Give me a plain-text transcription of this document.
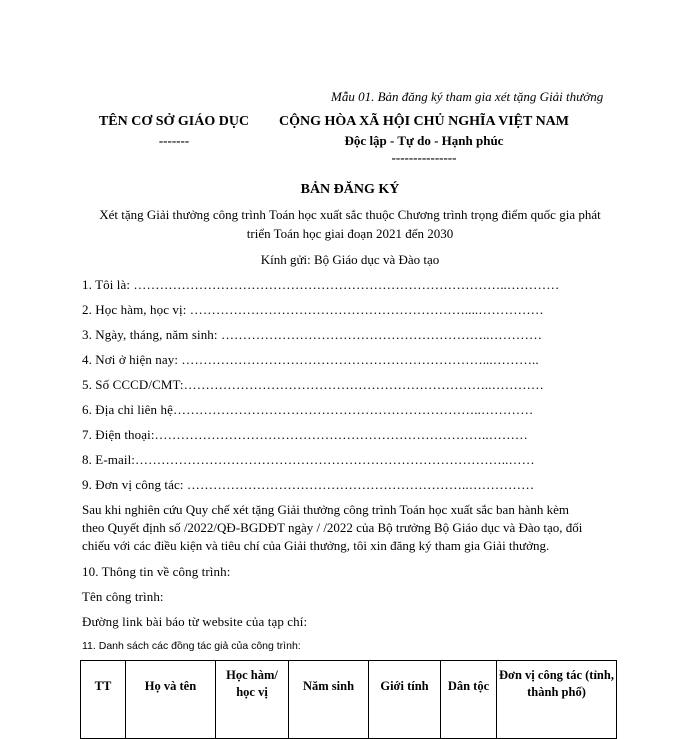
Mẫu 01. Bản đăng ký tham gia xét tặng Giải thưởng
TÊN CƠ SỞ GIÁO DỤC
-------
CỘNG HÒA XÃ HỘI CHỦ NGHĨA VIỆT NAM
Độc lập - Tự do - Hạnh phúc
---------------
BẢN ĐĂNG KÝ
Xét tặng Giải thưởng công trình Toán học xuất sắc thuộc Chương trình trọng điểm quốc gia phát
triển Toán học giai đoạn 2021 đến 2030
Kính gửi: Bộ Giáo dục và Đào tạo
1. Tôi là: …………………………………………………………………………..…………
2. Học hàm, học vị: ………………………………………………………....……………
3. Ngày, tháng, năm sinh: ……………………………………………………..…………
4. Nơi ở hiện nay: ……………………………………………………………...………..
5. Số CCCD/CMT:……………………………………………………………..…………
6. Địa chỉ liên hệ……………………………………………………………..…………
7. Điện thoại:…………………………………………………………………..………
8. E-mail:…………………………………………………………………………..……
9. Đơn vị công tác: ………………………………………………………..……………
Sau khi nghiên cứu Quy chế xét tặng Giải thưởng công trình Toán học xuất sắc ban hành kèm
theo Quyết định số /2022/QĐ-BGDĐT ngày / /2022 của Bộ trưởng Bộ Giáo dục và Đào tạo, đối
chiếu với các điều kiện và tiêu chí của Giải thưởng, tôi xin đăng ký tham gia Giải thưởng.
10. Thông tin về công trình:
Tên công trình:
Đường link bài báo từ website của tạp chí:
11. Danh sách các đồng tác giả của công trình:
TT	Họ và tên	Học hàm/ học vị	Năm sinh	Giới tính	Dân tộc	Đơn vị công tác (tỉnh, thành phố)
